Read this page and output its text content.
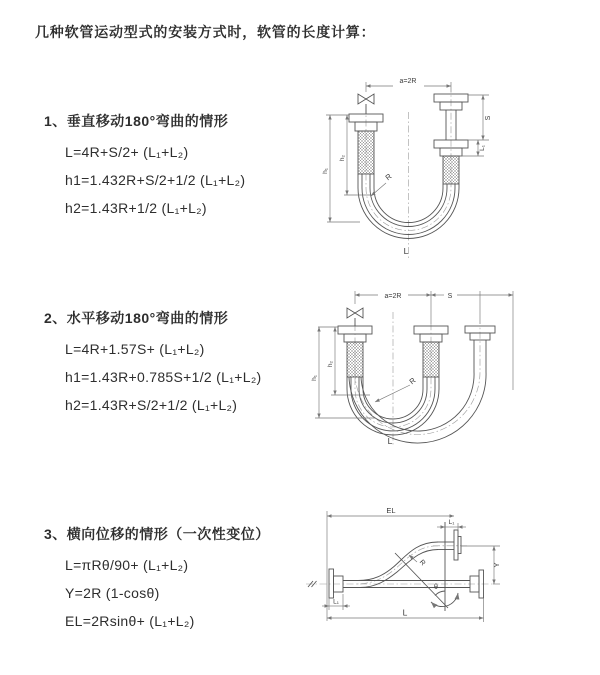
几种软管运动型式的安装方式时，软管的长度计算：
1、垂直移动180°弯曲的情形
L=4R+S/2+ (L₁+L₂)
h1=1.432R+S/2+1/2 (L₁+L₂)
h2=1.43R+1/2 (L₁+L₂)
2、水平移动180°弯曲的情形
L=4R+1.57S+ (L₁+L₂)
h1=1.43R+0.785S+1/2 (L₁+L₂)
h2=1.43R+S/2+1/2 (L₁+L₂)
3、横向位移的情形（一次性变位）
L=πRθ/90+ (L₁+L₂)
Y=2R (1-cosθ)
EL=2Rsinθ+ (L₁+L₂)
a=2R
S
L₁
h₂
h₁
R
L
a=2R	S
h₂
h₁	R
L
EL
L₁
Y
R
θ
L₁
L
